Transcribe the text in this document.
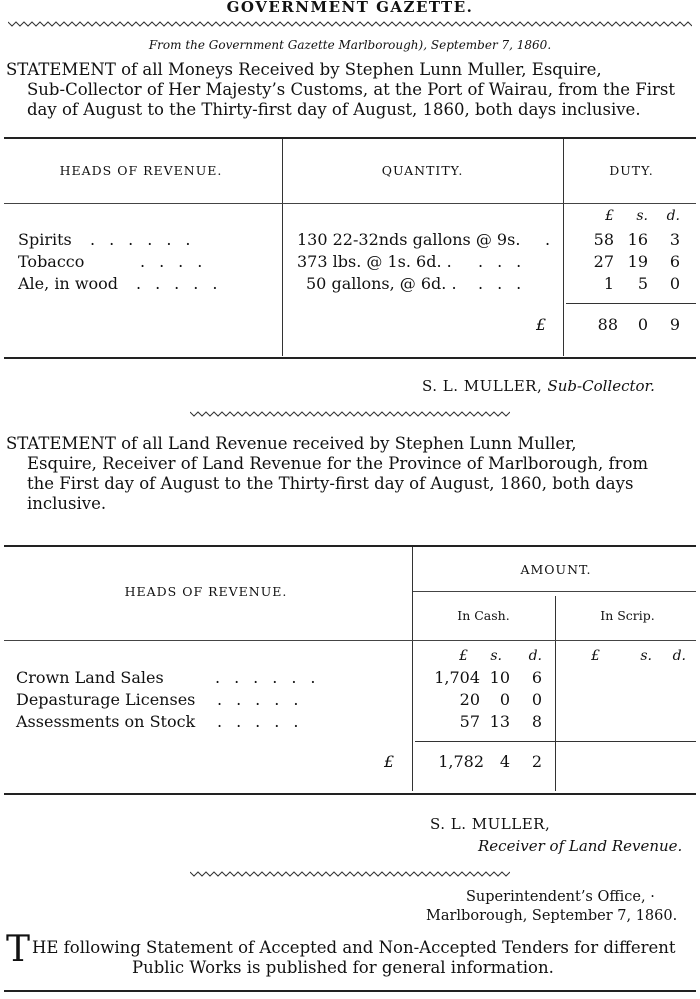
GOVERNMENT GAZETTE.
From the Government Gazette Marlborough), September 7, 1860.
STATEMENT of all Moneys Received by Stephen Lunn Muller, Esquire,
Sub-Collector of Her Majesty’s Customs, at the Port of Wairau, from the First
day of August to the Thirty-first day of August, 1860, both days inclusive.
HEADS OF REVENUE.	QUANTITY.	DUTY.
£	s.	d.
Spirits ......	130 22-32nds gallons @ 9s. .	58 16	3
Tobacco	....	373 lbs. @ 1s. 6d. . ...	27 19	6
Ale, in wood .....	50 gallons, @ 6d. . ...	1	5	0
£	88	0	9
S. L. MULLER, Sub-Collector.
STATEMENT of all Land Revenue received by Stephen Lunn Muller,
Esquire, Receiver of Land Revenue for the Province of Marlborough, from
the First day of August to the Thirty-first day of August, 1860, both days
inclusive.
HEADS OF REVENUE.
AMOUNT.
In Cash.	In Scrip.
£	s.	d.	£	s.	d.
Crown Land Sales	......	1,704 10	6
Depasturage Licenses .....	20	0	0
Assessments on Stock .....	57 13	8
£	1,782 4	2
S. L. MULLER,
Receiver of Land Revenue.
Superintendent’s Office, ·
Marlborough, September 7, 1860.
T HE following Statement of Accepted and Non-Accepted Tenders for different
Public Works is published for general information.
